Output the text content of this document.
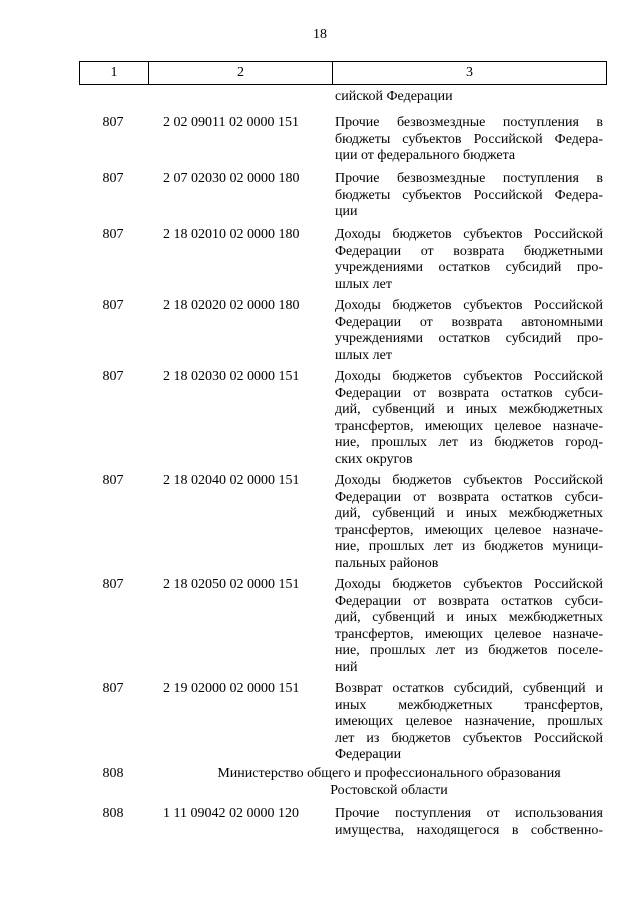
18
1	2	3
сийской Федерации
807	2 02 09011 02 0000 151	Прочие безвозмездные поступления в
бюджеты субъектов Российской Федера-
ции от федерального бюджета
807	2 07 02030 02 0000 180	Прочие безвозмездные поступления в
бюджеты субъектов Российской Федера-
ции
807	2 18 02010 02 0000 180	Доходы бюджетов субъектов Российской
Федерации от возврата бюджетными
учреждениями остатков субсидий про-
шлых лет
807	2 18 02020 02 0000 180	Доходы бюджетов субъектов Российской
Федерации от возврата автономными
учреждениями остатков субсидий про-
шлых лет
807	2 18 02030 02 0000 151	Доходы бюджетов субъектов Российской
Федерации от возврата остатков субси-
дий, субвенций и иных межбюджетных
трансфертов, имеющих целевое назначе-
ние, прошлых лет из бюджетов город-
ских округов
807	2 18 02040 02 0000 151	Доходы бюджетов субъектов Российской
Федерации от возврата остатков субси-
дий, субвенций и иных межбюджетных
трансфертов, имеющих целевое назначе-
ние, прошлых лет из бюджетов муници-
пальных районов
807	2 18 02050 02 0000 151	Доходы бюджетов субъектов Российской
Федерации от возврата остатков субси-
дий, субвенций и иных межбюджетных
трансфертов, имеющих целевое назначе-
ние, прошлых лет из бюджетов поселе-
ний
807	2 19 02000 02 0000 151	Возврат остатков субсидий, субвенций и
иных межбюджетных трансфертов,
имеющих целевое назначение, прошлых
лет из бюджетов субъектов Российской
Федерации
808	Министерство общего и профессионального образования
Ростовской области
808	1 11 09042 02 0000 120	Прочие поступления от использования
имущества, находящегося в собственно-
